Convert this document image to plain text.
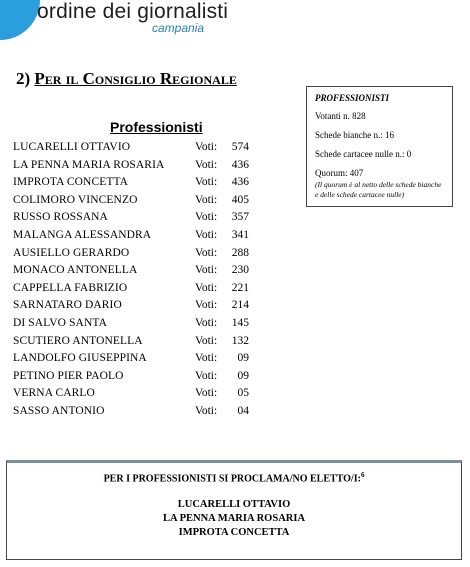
ordine dei giornalisti
campania
2) Per il Consiglio Regionale
Professionisti
LUCARELLI OTTAVIO	Voti:	574
LA PENNA MARIA ROSARIA	Voti:	436
IMPROTA CONCETTA	Voti:	436
COLIMORO VINCENZO	Voti:	405
RUSSO ROSSANA	Voti:	357
MALANGA ALESSANDRA	Voti:	341
AUSIELLO GERARDO	Voti:	288
MONACO ANTONELLA	Voti:	230
CAPPELLA FABRIZIO	Voti:	221
SARNATARO DARIO	Voti:	214
DI SALVO SANTA	Voti:	145
SCUTIERO ANTONELLA	Voti:	132
LANDOLFO GIUSEPPINA	Voti:	09
PETINO PIER PAOLO	Voti:	09
VERNA CARLO	Voti:	05
SASSO ANTONIO	Voti:	04
PROFESSIONISTI
Votanti n. 828
Schede bianche n.: 16
Schede cartacee nulle n.: 0
Quorum: 407
(Il quorum è al netto delle schede bianche e delle schede cartacee nulle)
PER I PROFESSIONISTI SI PROCLAMA/NO ELETTO/I:$^6$
LUCARELLI OTTAVIO
LA PENNA MARIA ROSARIA
IMPROTA CONCETTA
